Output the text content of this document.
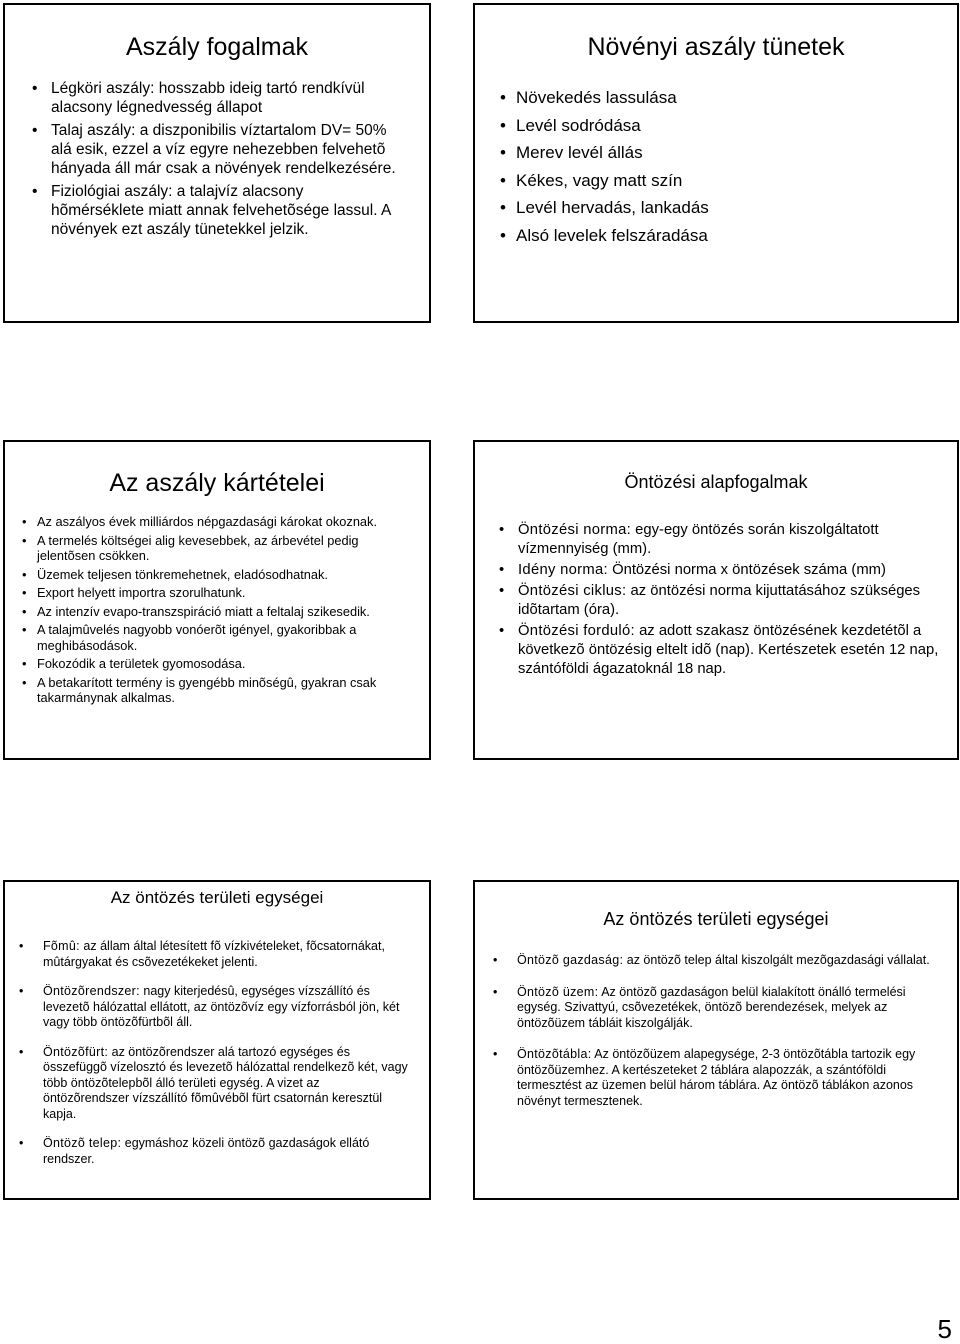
Aszály fogalmak
• Légköri aszály: hosszabb ideig tartó rendkívül alacsony légnedvesség állapot
• Talaj aszály: a diszponibilis víztartalom DV= 50% alá esik, ezzel a víz egyre nehezebben felvehetõ hányada áll már csak a növények rendelkezésére.
• Fiziológiai aszály: a talajvíz alacsony hõmérséklete miatt annak felvehetõsége lassul. A növények ezt aszály tünetekkel jelzik.
Növényi aszály tünetek
• Növekedés lassulása
• Levél sodródása
• Merev levél állás
• Kékes, vagy matt szín
• Levél hervadás, lankadás
• Alsó levelek felszáradása
Az aszály kártételei
• Az aszályos évek milliárdos népgazdasági károkat okoznak.
• A termelés költségei alig kevesebbek, az árbevétel pedig jelentõsen csökken.
• Üzemek teljesen tönkremehetnek, eladósodhatnak.
• Export helyett importra szorulhatunk.
• Az intenzív evapo-transzspiráció miatt a feltalaj szikesedik.
• A talajmûvelés nagyobb vonóerõt igényel, gyakoribbak a meghibásodások.
• Fokozódik a területek gyomosodása.
• A betakarított termény is gyengébb minõségû, gyakran csak takarmánynak alkalmas.
Öntözési alapfogalmak
• Öntözési norma: egy-egy öntözés során kiszolgáltatott vízmennyiség (mm).
• Idény norma: Öntözési norma x öntözések száma (mm)
• Öntözési ciklus: az öntözési norma kijuttatásához szükséges idõtartam (óra).
• Öntözési forduló: az adott szakasz öntözésének kezdetétõl a következõ öntözésig eltelt idõ (nap). Kertészetek esetén 12 nap, szántóföldi ágazatoknál 18 nap.
Az öntözés területi egységei
• Fõmû: az állam által létesített fõ vízkivételeket, fõcsatornákat, mûtárgyakat és csõvezetékeket jelenti.
• Öntözõrendszer: nagy kiterjedésû, egységes vízszállító és levezetõ hálózattal ellátott, az öntözõvíz egy vízforrásból jön, két vagy több öntözõfürtbõl áll.
• Öntözõfürt: az öntözõrendszer alá tartozó egységes és összefüggõ vízelosztó és levezetõ hálózattal rendelkezõ két, vagy több öntözõtelepbõl álló területi egység. A vizet az öntözõrendszer vízszállító fõmûvébõl fürt csatornán keresztül kapja.
• Öntözõ telep: egymáshoz közeli öntözõ gazdaságok ellátó rendszer.
Az öntözés területi egységei
• Öntözõ gazdaság: az öntözõ telep által kiszolgált mezõgazdasági vállalat.
• Öntözõ üzem: Az öntözõ gazdaságon belül kialakított önálló termelési egység. Szivattyú, csõvezetékek, öntözõ berendezések, melyek az öntözõüzem tábláit kiszolgálják.
• Öntözõtábla: Az öntözõüzem alapegysége, 2-3 öntözõtábla tartozik egy öntözõüzemhez. A kertészeteket 2 táblára alapozzák, a szántóföldi termesztést az üzemen belül három táblára. Az öntözõ táblákon azonos növényt termesztenek.
5
